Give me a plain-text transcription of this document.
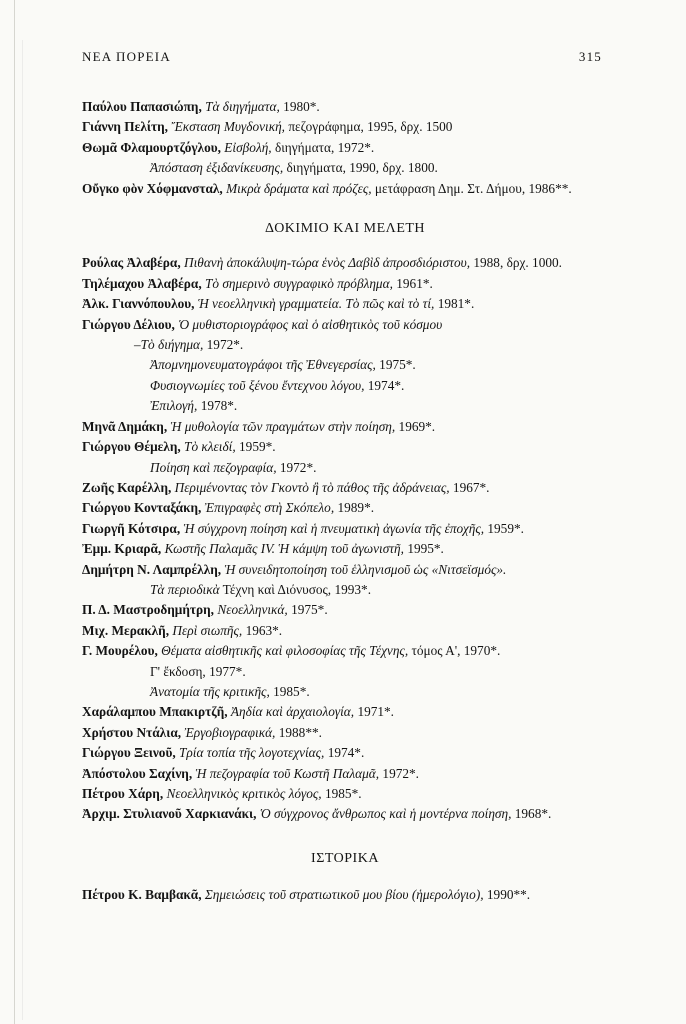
ΝΕΑ ΠΟΡΕΙΑ	315
Παύλου Παπασιώπη, Τὰ διηγήματα, 1980*.
Γιάννη Πελίτη, Ἔκσταση Μυγδονική, πεζογράφημα, 1995, δρχ. 1500
Θωμᾶ Φλαμουρτζόγλου, Εἰσβολή, διηγήματα, 1972*.
Ἀπόσταση ἐξιδανίκευσης, διηγήματα, 1990, δρχ. 1800.
Οὔγκο φὸν Χόφμανσταλ, Μικρὰ δράματα καὶ πρόζες, μετάφραση Δημ. Στ. Δήμου, 1986**.
ΔΟΚΙΜΙΟ ΚΑΙ ΜΕΛΕΤΗ
Ρούλας Ἀλαβέρα, Πιθανὴ ἀποκάλυψη-τώρα ἑνὸς Δαβὶδ ἀπροσδιόριστου, 1988, δρχ. 1000.
Τηλέμαχου Ἀλαβέρα, Τὸ σημερινὸ συγγραφικὸ πρόβλημα, 1961*.
Ἀλκ. Γιαννόπουλου, Ἡ νεοελληνικὴ γραμματεία. Τὸ πῶς καὶ τὸ τί, 1981*.
Γιώργου Δέλιου, Ὁ μυθιστοριογράφος καὶ ὁ αἰσθητικὸς τοῦ κόσμου
–Τὸ διήγημα, 1972*.
Ἀπομνημονευματογράφοι τῆς Ἐθνεγερσίας, 1975*.
Φυσιογνωμίες τοῦ ξένου ἔντεχνου λόγου, 1974*.
Ἐπιλογή, 1978*.
Μηνᾶ Δημάκη, Ἡ μυθολογία τῶν πραγμάτων στὴν ποίηση, 1969*.
Γιώργου Θέμελη, Τὸ κλειδί, 1959*.
Ποίηση καὶ πεζογραφία, 1972*.
Ζωῆς Καρέλλη, Περιμένοντας τὸν Γκοντὸ ἢ τὸ πάθος τῆς ἀδράνειας, 1967*.
Γιώργου Κονταξάκη, Ἐπιγραφὲς στὴ Σκόπελο, 1989*.
Γιωργῆ Κότσιρα, Ἡ σύγχρονη ποίηση καὶ ἡ πνευματικὴ ἀγωνία τῆς ἐποχῆς, 1959*.
Ἐμμ. Κριαρᾶ, Κωστῆς Παλαμᾶς IV. Ἡ κάμψη τοῦ ἀγωνιστῆ, 1995*.
Δημήτρη Ν. Λαμπρέλλη, Ἡ συνειδητοποίηση τοῦ ἑλληνισμοῦ ὡς «Νιτσεϊσμός».
Τὰ περιοδικὰ Τέχνη καὶ Διόνυσος, 1993*.
Π. Δ. Μαστροδημήτρη, Νεοελληνικά, 1975*.
Μιχ. Μερακλῆ, Περὶ σιωπῆς, 1963*.
Γ. Μουρέλου, Θέματα αἰσθητικῆς καὶ φιλοσοφίας τῆς Τέχνης, τόμος Α', 1970*.
Γ' ἔκδοση, 1977*.
Ἀνατομία τῆς κριτικῆς, 1985*.
Χαράλαμπου Μπακιρτζῆ, Ἀηδία καὶ ἀρχαιολογία, 1971*.
Χρήστου Ντάλια, Ἐργοβιογραφικά, 1988**.
Γιώργου Ξεινοῦ, Τρία τοπία τῆς λογοτεχνίας, 1974*.
Ἀπόστολου Σαχίνη, Ἡ πεζογραφία τοῦ Κωστῆ Παλαμᾶ, 1972*.
Πέτρου Χάρη, Νεοελληνικὸς κριτικὸς λόγος, 1985*.
Ἀρχιμ. Στυλιανοῦ Χαρκιανάκι, Ὁ σύγχρονος ἄνθρωπος καὶ ἡ μοντέρνα ποίηση, 1968*.
ΙΣΤΟΡΙΚΑ
Πέτρου Κ. Βαμβακᾶ, Σημειώσεις τοῦ στρατιωτικοῦ μου βίου (ἡμερολόγιο), 1990**.
